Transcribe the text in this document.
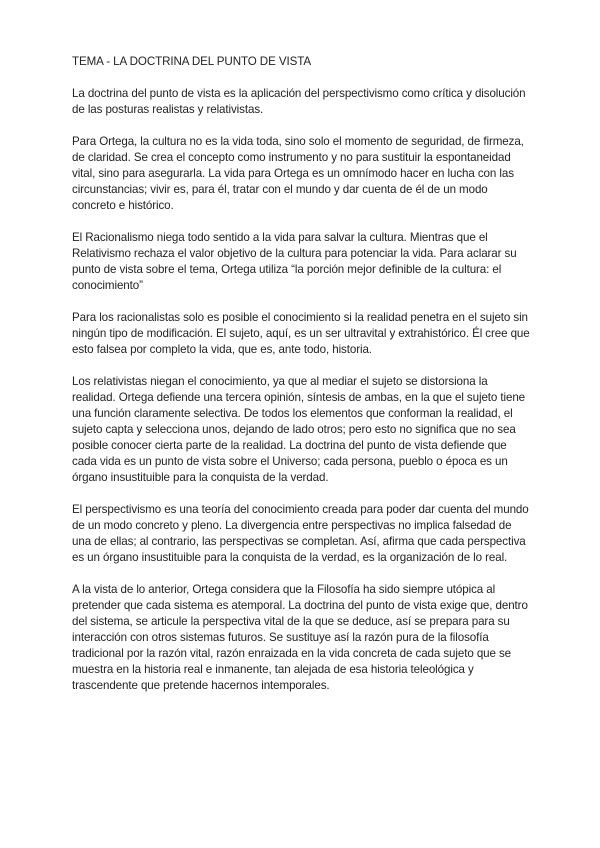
TEMA - LA DOCTRINA DEL PUNTO DE VISTA

La doctrina del punto de vista es la aplicación del perspectivismo como crítica y disolución de las posturas realistas y relativistas.

Para Ortega, la cultura no es la vida toda, sino solo el momento de seguridad, de firmeza, de claridad. Se crea el concepto como instrumento y no para sustituir la espontaneidad vital, sino para asegurarla. La vida para Ortega es un omnímodo hacer en lucha con las circunstancias; vivir es, para él, tratar con el mundo y dar cuenta de él de un modo concreto e histórico.

El Racionalismo niega todo sentido a la vida para salvar la cultura. Mientras que el Relativismo rechaza el valor objetivo de la cultura para potenciar la vida. Para aclarar su punto de vista sobre el tema, Ortega utiliza “la porción mejor definible de la cultura: el conocimiento”

Para los racionalistas solo es posible el conocimiento si la realidad penetra en el sujeto sin ningún tipo de modificación. El sujeto, aquí, es un ser ultravital y extrahistórico. Él cree que esto falsea por completo la vida, que es, ante todo, historia.

Los relativistas niegan el conocimiento, ya que al mediar el sujeto se distorsiona la realidad. Ortega defiende una tercera opinión, síntesis de ambas, en la que el sujeto tiene una función claramente selectiva. De todos los elementos que conforman la realidad, el sujeto capta y selecciona unos, dejando de lado otros; pero esto no significa que no sea posible conocer cierta parte de la realidad. La doctrina del punto de vista defiende que cada vida es un punto de vista sobre el Universo; cada persona, pueblo o época es un órgano insustituible para la conquista de la verdad.

El perspectivismo es una teoría del conocimiento creada para poder dar cuenta del mundo de un modo concreto y pleno. La divergencia entre perspectivas no implica falsedad de una de ellas; al contrario, las perspectivas se completan. Así, afirma que cada perspectiva es un órgano insustituible para la conquista de la verdad, es la organización de lo real.

A la vista de lo anterior, Ortega considera que la Filosofía ha sido siempre utópica al pretender que cada sistema es atemporal. La doctrina del punto de vista exige que, dentro del sistema, se articule la perspectiva vital de la que se deduce, así se prepara para su interacción con otros sistemas futuros. Se sustituye así la razón pura de la filosofía tradicional por la razón vital, razón enraizada en la vida concreta de cada sujeto que se muestra en la historia real e inmanente, tan alejada de esa historia teleológica y trascendente que pretende hacernos intemporales.
